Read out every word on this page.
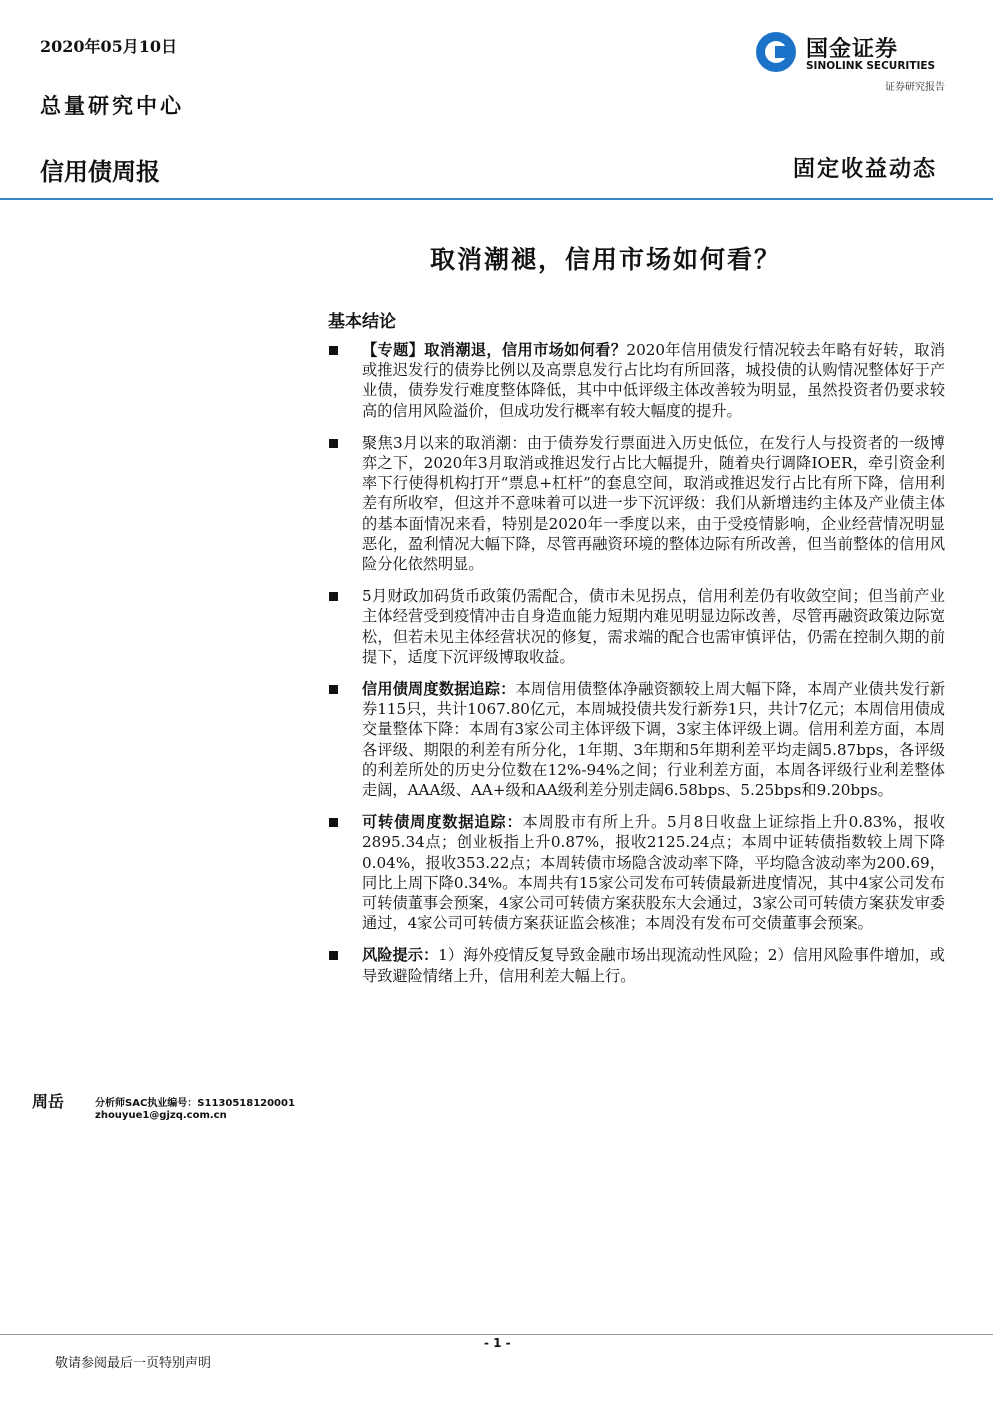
2020年05月10日
总量研究中心
国金证券
SINOLINK SECURITIES
证券研究报告
信用债周报	固定收益动态
取消潮褪，信用市场如何看？
基本结论
【专题】取消潮退，信用市场如何看？2020年信用债发行情况较去年略有好转，取消或推迟发行的债券比例以及高票息发行占比均有所回落，城投债的认购情况整体好于产业债，债券发行难度整体降低，其中中低评级主体改善较为明显，虽然投资者仍要求较高的信用风险溢价，但成功发行概率有较大幅度的提升。
聚焦3月以来的取消潮：由于债券发行票面进入历史低位，在发行人与投资者的一级博弈之下，2020年3月取消或推迟发行占比大幅提升，随着央行调降IOER，牵引资金利率下行使得机构打开“票息+杠杆”的套息空间，取消或推迟发行占比有所下降，信用利差有所收窄，但这并不意味着可以进一步下沉评级：我们从新增违约主体及产业债主体的基本面情况来看，特别是2020年一季度以来，由于受疫情影响，企业经营情况明显恶化，盈利情况大幅下降，尽管再融资环境的整体边际有所改善，但当前整体的信用风险分化依然明显。
5月财政加码货币政策仍需配合，债市未见拐点，信用利差仍有收敛空间；但当前产业主体经营受到疫情冲击自身造血能力短期内难见明显边际改善，尽管再融资政策边际宽松，但若未见主体经营状况的修复，需求端的配合也需审慎评估，仍需在控制久期的前提下，适度下沉评级博取收益。
信用债周度数据追踪：本周信用债整体净融资额较上周大幅下降，本周产业债共发行新券115只，共计1067.80亿元，本周城投债共发行新券1只，共计7亿元；本周信用债成交量整体下降：本周有3家公司主体评级下调，3家主体评级上调。信用利差方面，本周各评级、期限的利差有所分化，1年期、3年期和5年期利差平均走阔5.87bps，各评级的利差所处的历史分位数在12%-94%之间；行业利差方面，本周各评级行业利差整体走阔，AAA级、AA+级和AA级利差分别走阔6.58bps、5.25bps和9.20bps。
可转债周度数据追踪：本周股市有所上升。5月8日收盘上证综指上升0.83%，报收2895.34点；创业板指上升0.87%，报收2125.24点；本周中证转债指数较上周下降0.04%，报收353.22点；本周转债市场隐含波动率下降，平均隐含波动率为200.69，同比上周下降0.34%。本周共有15家公司发布可转债最新进度情况，其中4家公司发布可转债董事会预案，4家公司可转债方案获股东大会通过，3家公司可转债方案获发审委通过，4家公司可转债方案获证监会核准；本周没有发布可交债董事会预案。
风险提示：1）海外疫情反复导致金融市场出现流动性风险；2）信用风险事件增加，或导致避险情绪上升，信用利差大幅上行。
周岳	分析师SAC执业编号：S1130518120001
zhouyue1@gjzq.com.cn
- 1 -
敬请参阅最后一页特别声明
